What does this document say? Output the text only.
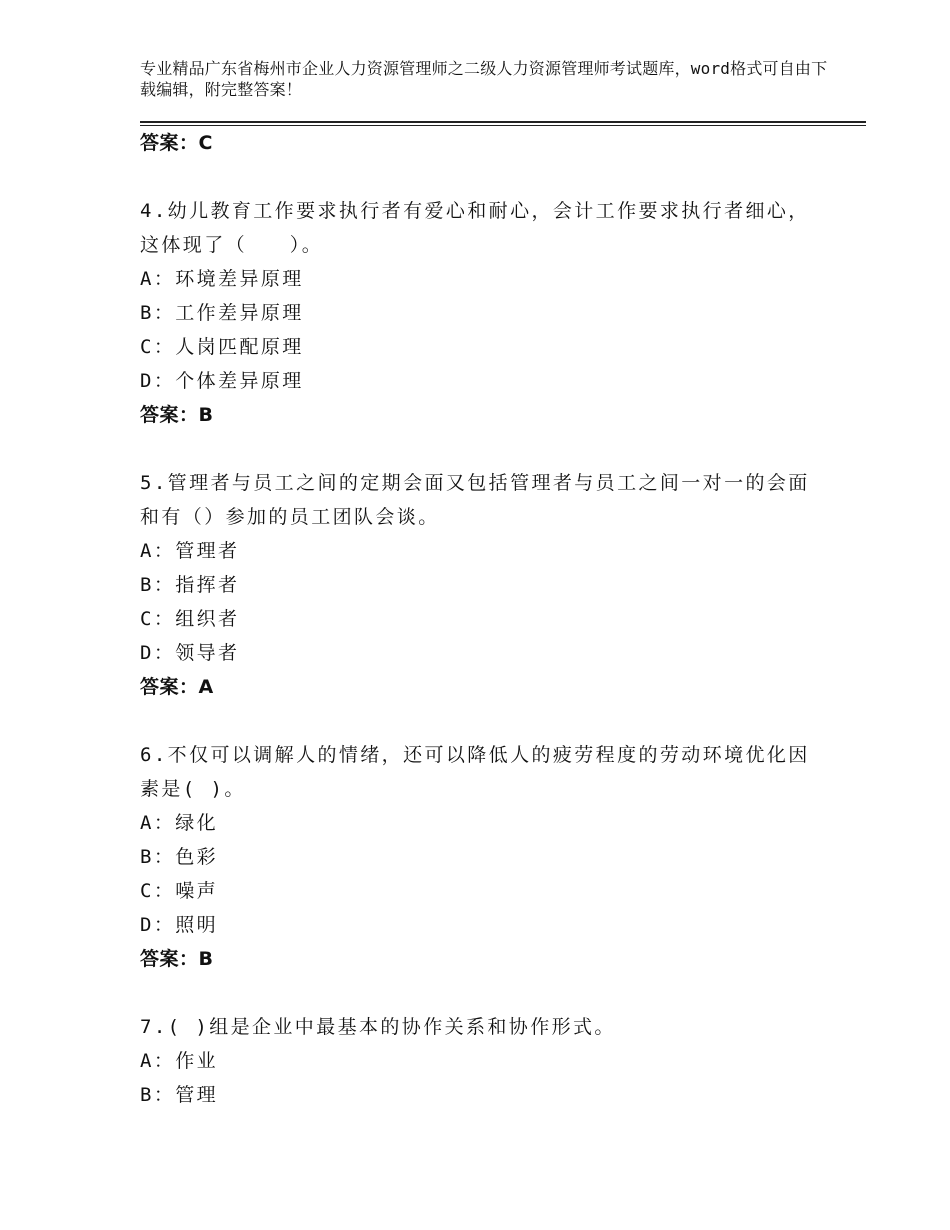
专业精品广东省梅州市企业人力资源管理师之二级人力资源管理师考试题库，word格式可自由下载编辑，附完整答案！
答案：C
4.幼儿教育工作要求执行者有爱心和耐心，会计工作要求执行者细心，这体现了（　　）。
A：环境差异原理
B：工作差异原理
C：人岗匹配原理
D：个体差异原理
答案：B
5.管理者与员工之间的定期会面又包括管理者与员工之间一对一的会面和有（）参加的员工团队会谈。
A：管理者
B：指挥者
C：组织者
D：领导者
答案：A
6.不仅可以调解人的情绪，还可以降低人的疲劳程度的劳动环境优化因素是( )。
A：绿化
B：色彩
C：噪声
D：照明
答案：B
7.( )组是企业中最基本的协作关系和协作形式。
A：作业
B：管理
